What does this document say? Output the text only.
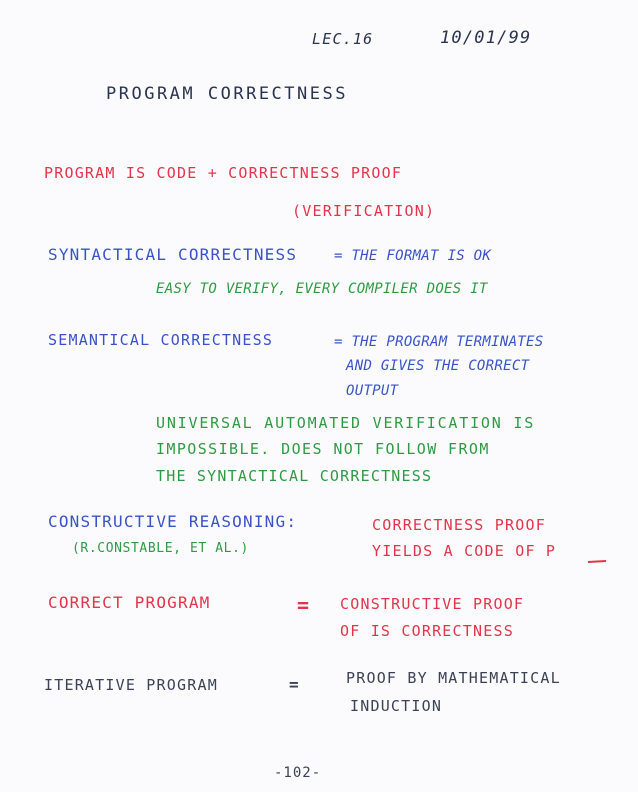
LEC.16	10/01/99
PROGRAM CORRECTNESS
PROGRAM IS CODE + CORRECTNESS PROOF
(VERIFICATION)
SYNTACTICAL CORRECTNESS	= THE FORMAT IS OK
EASY TO VERIFY, EVERY COMPILER DOES IT
SEMANTICAL CORRECTNESS	= THE PROGRAM TERMINATES
AND GIVES THE CORRECT
OUTPUT
UNIVERSAL AUTOMATED VERIFICATION IS
IMPOSSIBLE. DOES NOT FOLLOW FROM
THE SYNTACTICAL CORRECTNESS
CONSTRUCTIVE REASONING:
(R.CONSTABLE, ET AL.)
CORRECTNESS PROOF
YIELDS A CODE OF P
CORRECT PROGRAM	= CONSTRUCTIVE PROOF
OF IS CORRECTNESS
ITERATIVE PROGRAM	=	PROOF BY MATHEMATICAL
INDUCTION
-102-
